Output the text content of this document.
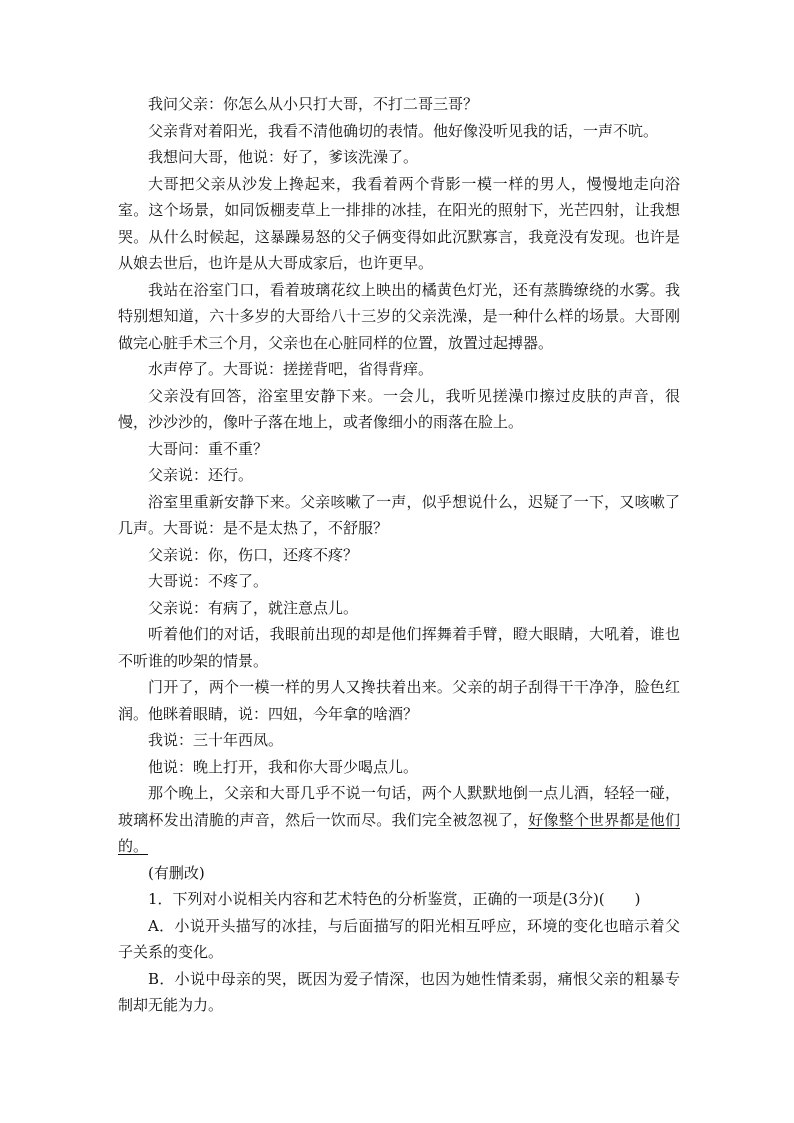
我问父亲：你怎么从小只打大哥，不打二哥三哥？

父亲背对着阳光，我看不清他确切的表情。他好像没听见我的话，一声不吭。

我想问大哥，他说：好了，爹该洗澡了。

大哥把父亲从沙发上搀起来，我看着两个背影一模一样的男人，慢慢地走向浴室。这个场景，如同饭棚麦草上一排排的冰挂，在阳光的照射下，光芒四射，让我想哭。从什么时候起，这暴躁易怒的父子俩变得如此沉默寡言，我竟没有发现。也许是从娘去世后，也许是从大哥成家后，也许更早。

我站在浴室门口，看着玻璃花纹上映出的橘黄色灯光，还有蒸腾缭绕的水雾。我特别想知道，六十多岁的大哥给八十三岁的父亲洗澡，是一种什么样的场景。大哥刚做完心脏手术三个月，父亲也在心脏同样的位置，放置过起搏器。

水声停了。大哥说：搓搓背吧，省得背痒。

父亲没有回答，浴室里安静下来。一会儿，我听见搓澡巾擦过皮肤的声音，很慢，沙沙沙的，像叶子落在地上，或者像细小的雨落在脸上。

大哥问：重不重？

父亲说：还行。

浴室里重新安静下来。父亲咳嗽了一声，似乎想说什么，迟疑了一下，又咳嗽了几声。大哥说：是不是太热了，不舒服？

父亲说：你，伤口，还疼不疼？

大哥说：不疼了。

父亲说：有病了，就注意点儿。

听着他们的对话，我眼前出现的却是他们挥舞着手臂，瞪大眼睛，大吼着，谁也不听谁的吵架的情景。

门开了，两个一模一样的男人又搀扶着出来。父亲的胡子刮得干干净净，脸色红润。他眯着眼睛，说：四妞，今年拿的啥酒？

我说：三十年西凤。

他说：晚上打开，我和你大哥少喝点儿。

那个晚上，父亲和大哥几乎不说一句话，两个人默默地倒一点儿酒，轻轻一碰，玻璃杯发出清脆的声音，然后一饮而尽。我们完全被忽视了，好像整个世界都是他们的。

(有删改)

1．下列对小说相关内容和艺术特色的分析鉴赏，正确的一项是(3分)(　　)

A．小说开头描写的冰挂，与后面描写的阳光相互呼应，环境的变化也暗示着父子关系的变化。

B．小说中母亲的哭，既因为爱子情深，也因为她性情柔弱，痛恨父亲的粗暴专制却无能为力。
